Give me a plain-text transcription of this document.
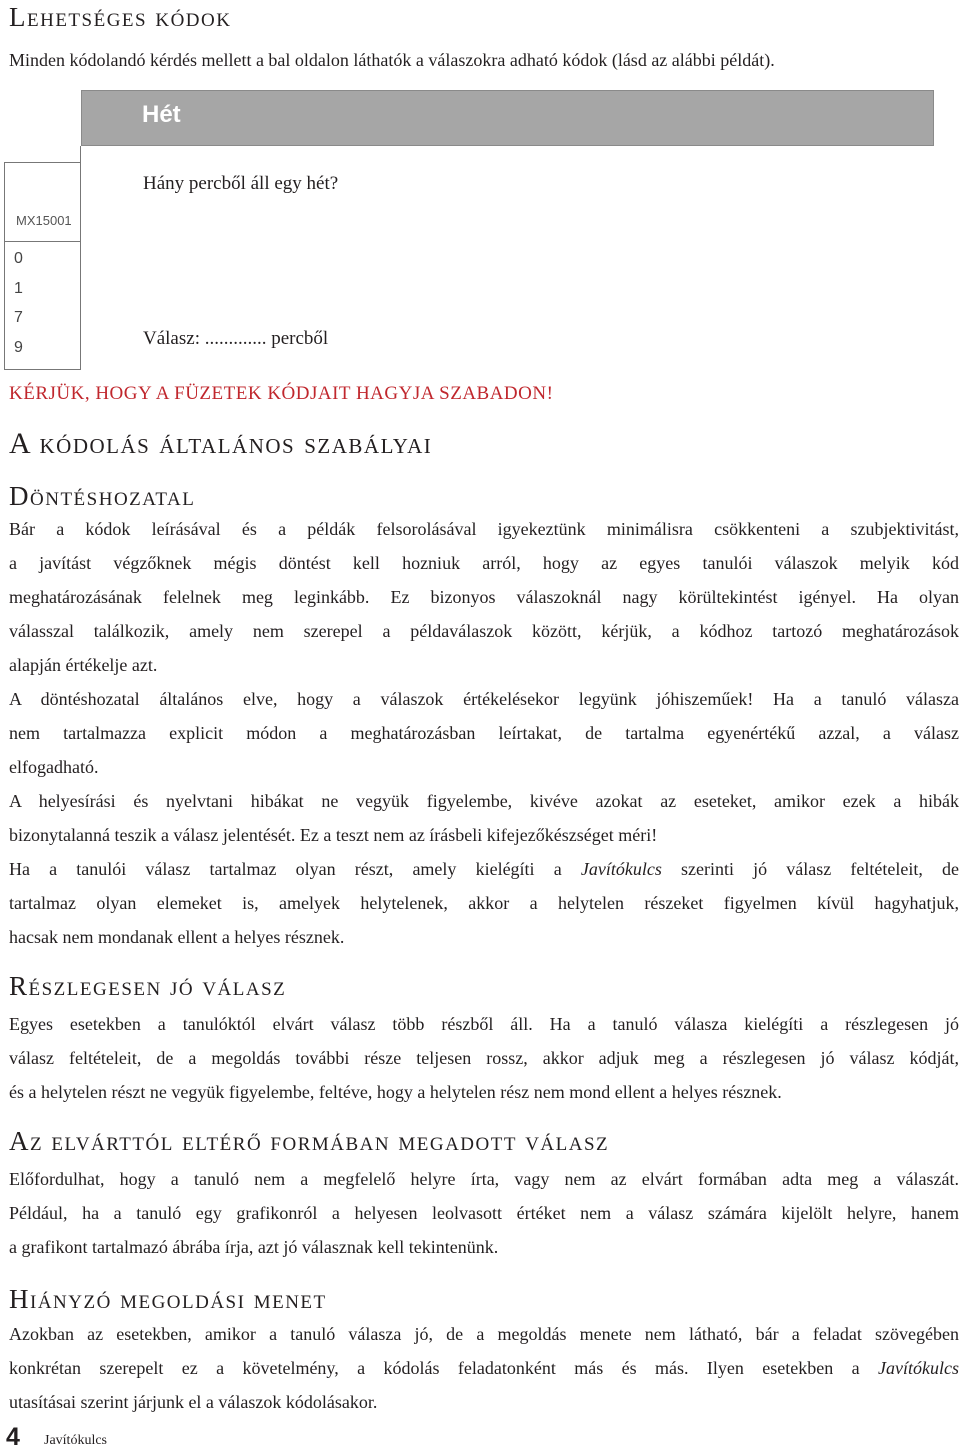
Lehetséges kódok

Minden kódolandó kérdés mellett a bal oldalon láthatók a válaszokra adható kódok (lásd az alábbi példát).

Hét
MX15001
0
1
7
9
Hány percből áll egy hét?
Válasz: ............. percből
KÉRJÜK, HOGY A FÜZETEK KÓDJAIT HAGYJA SZABADON!
A kódolás általános szabályai
Döntéshozatal

Bár a kódok leírásával és a példák felsorolásával igyekeztünk minimálisra csökkenteni a szubjektivitást,

a javítást végzőknek mégis döntést kell hozniuk arról, hogy az egyes tanulói válaszok melyik kód

meghatározásának felelnek meg leginkább. Ez bizonyos válaszoknál nagy körültekintést igényel. Ha olyan

válasszal találkozik, amely nem szerepel a példaválaszok között, kérjük, a kódhoz tartozó meghatározások

alapján értékelje azt.

A döntéshozatal általános elve, hogy a válaszok értékelésekor legyünk jóhiszeműek! Ha a tanuló válasza

nem tartalmazza explicit módon a meghatározásban leírtakat, de tartalma egyenértékű azzal, a válasz

elfogadható.

A helyesírási és nyelvtani hibákat ne vegyük figyelembe, kivéve azokat az eseteket, amikor ezek a hibák

bizonytalanná teszik a válasz jelentését. Ez a teszt nem az írásbeli kifejezőkészséget méri!

Ha a tanulói válasz tartalmaz olyan részt, amely kielégíti a Javítókulcs szerinti jó válasz feltételeit, de

tartalmaz olyan elemeket is, amelyek helytelenek, akkor a helytelen részeket figyelmen kívül hagyhatjuk,

hacsak nem mondanak ellent a helyes résznek.

Részlegesen jó válasz

Egyes esetekben a tanulóktól elvárt válasz több részből áll. Ha a tanuló válasza kielégíti a részlegesen jó

válasz feltételeit, de a megoldás további része teljesen rossz, akkor adjuk meg a részlegesen jó válasz kódját,

és a helytelen részt ne vegyük figyelembe, feltéve, hogy a helytelen rész nem mond ellent a helyes résznek.

Az elvárttól eltérő formában megadott válasz

Előfordulhat, hogy a tanuló nem a megfelelő helyre írta, vagy nem az elvárt formában adta meg a válaszát.

Például, ha a tanuló egy grafikonról a helyesen leolvasott értéket nem a válasz számára kijelölt helyre, hanem

a grafikont tartalmazó ábrába írja, azt jó válasznak kell tekintenünk.

Hiányzó megoldási menet

Azokban az esetekben, amikor a tanuló válasza jó, de a megoldás menete nem látható, bár a feladat szövegében

konkrétan szerepelt ez a követelmény, a kódolás feladatonként más és más. Ilyen esetekben a Javítókulcs

utasításai szerint járjunk el a válaszok kódolásakor.

4 Javítókulcs
